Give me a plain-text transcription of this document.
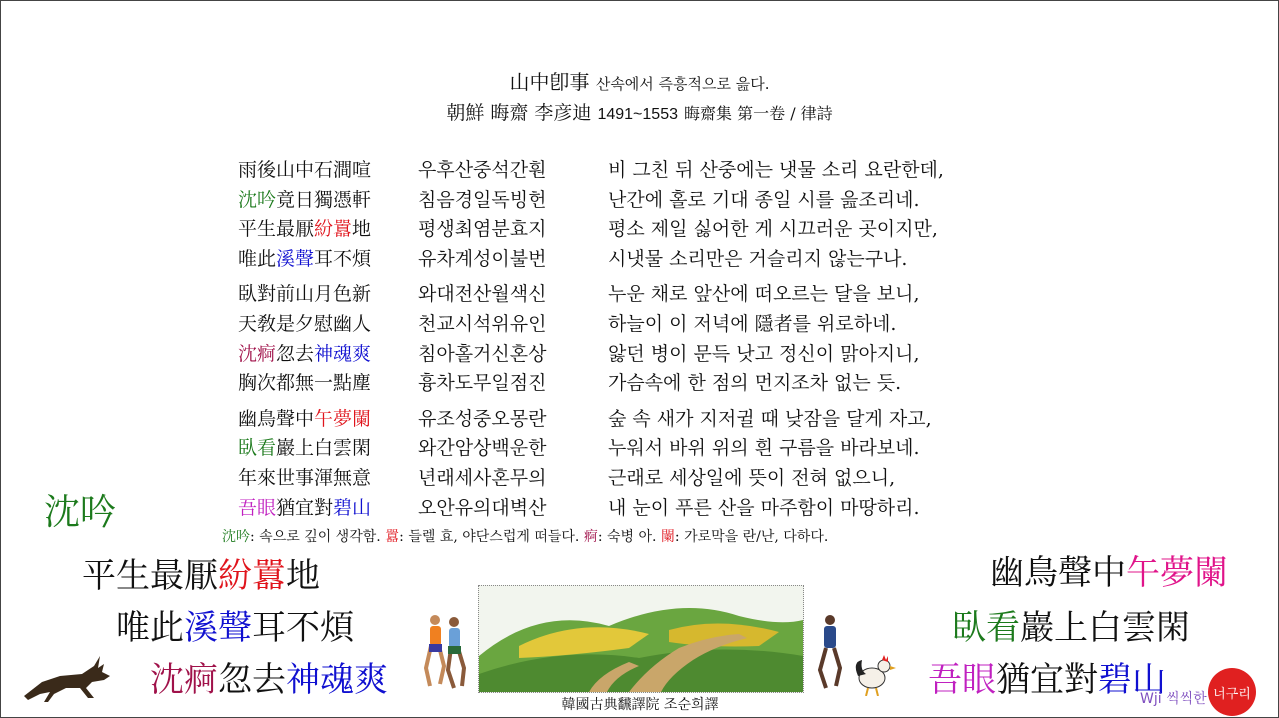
山中卽事 산속에서 즉흥적으로 읊다.
朝鮮 晦齋 李彦迪 1491~1553 晦齋集 第一卷 / 律詩
雨後山中石澗喧	우후산중석간훤	비 그친 뒤 산중에는 냇물 소리 요란한데,
沈吟竟日獨憑軒	침음경일독빙헌	난간에 홀로 기대 종일 시를 읊조리네.
平生最厭紛囂地	평생최염분효지	평소 제일 싫어한 게 시끄러운 곳이지만,
唯此溪聲耳不煩	유차계성이불번	시냇물 소리만은 거슬리지 않는구나.
臥對前山月色新	와대전산월색신	누운 채로 앞산에 떠오르는 달을 보니,
天敎是夕慰幽人	천교시석위유인	하늘이 이 저녁에 隱者를 위로하네.
沈痾忽去神魂爽	침아홀거신혼상	앓던 병이 문득 낫고 정신이 맑아지니,
胸次都無一點塵	흉차도무일점진	가슴속에 한 점의 먼지조차 없는 듯.
幽鳥聲中午夢闌	유조성중오몽란	숲 속 새가 지저귈 때 낮잠을 달게 자고,
臥看巖上白雲閑	와간암상백운한	누워서 바위 위의 흰 구름을 바라보네.
年來世事渾無意	년래세사혼무의	근래로 세상일에 뜻이 전혀 없으니,
吾眼猶宜對碧山	오안유의대벽산	내 눈이 푸른 산을 마주함이 마땅하리.
沈吟: 속으로 깊이 생각함. 囂: 들렐 효, 야단스럽게 떠들다. 痾: 숙병 아. 闌: 가로막을 란/난, 다하다.
沈吟
平生最厭紛囂地
唯此溪聲耳不煩
沈痾忽去神魂爽
幽鳥聲中午夢闌
臥看巖上白雲閑
吾眼猶宜對碧山
韓國古典飜譯院 조순희譯	Wji 씩씩한 너구리
